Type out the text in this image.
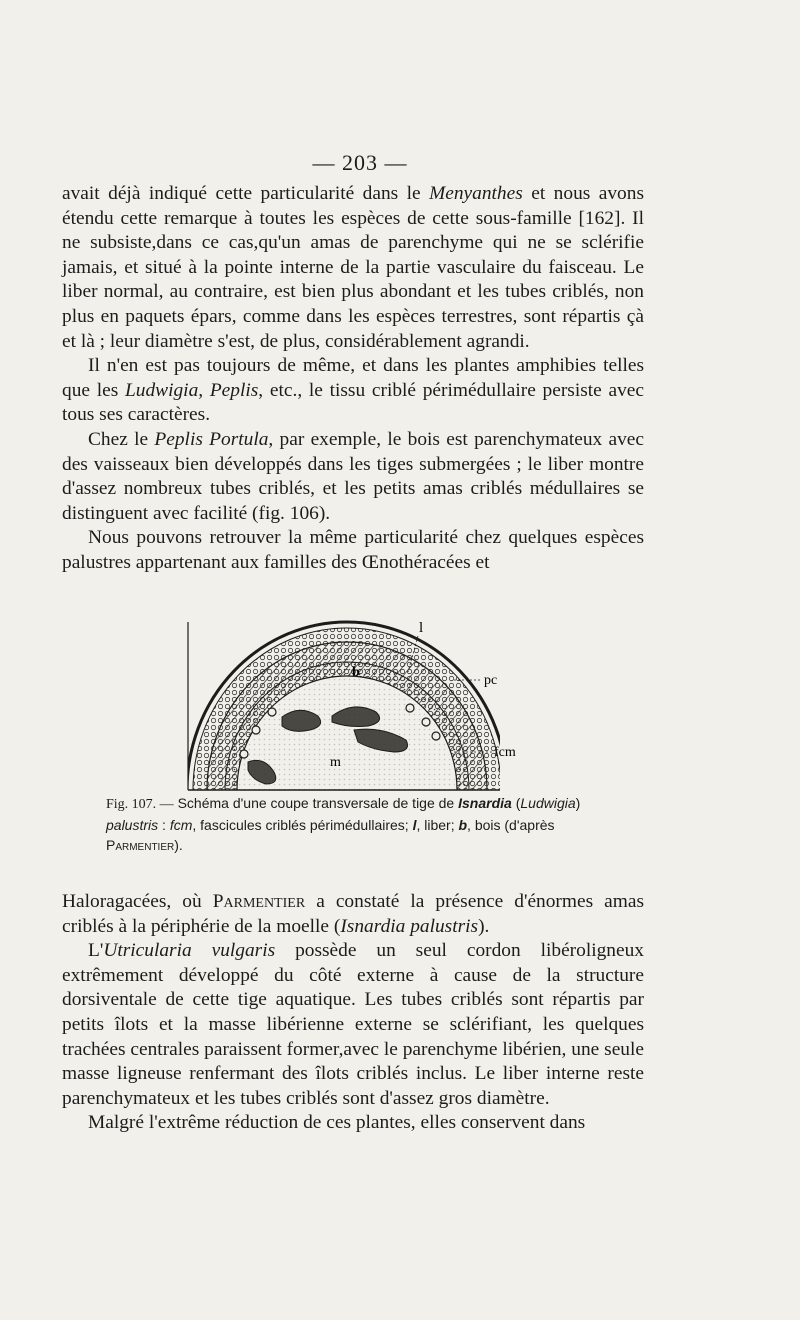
— 203 —

avait déjà indiqué cette particularité dans le Menyanthes et nous avons étendu cette remarque à toutes les espèces de cette sous-famille [162]. Il ne subsiste,dans ce cas,qu'un amas de parenchyme qui ne se sclérifie jamais, et situé à la pointe interne de la partie vasculaire du faisceau. Le liber normal, au contraire, est bien plus abondant et les tubes criblés, non plus en paquets épars, comme dans les espèces terrestres, sont répartis çà et là ; leur diamètre s'est, de plus, considérablement agrandi.

Il n'en est pas toujours de même, et dans les plantes amphibies telles que les Ludwigia, Peplis, etc., le tissu criblé périmédullaire persiste avec tous ses caractères.

Chez le Peplis Portula, par exemple, le bois est parenchymateux avec des vaisseaux bien développés dans les tiges submergées ; le liber montre d'assez nombreux tubes criblés, et les petits amas criblés médullaires se distinguent avec facilité (fig. 106).

Nous pouvons retrouver la même particularité chez quelques espèces palustres appartenant aux familles des Œnothéracées et

l
pc
b
m
fcm
Fig. 107. — Schéma d'une coupe transversale de tige de Isnardia (Ludwigia)
palustris : fcm, fascicules criblés périmédullaires; l, liber; b, bois (d'après
Parmentier).

Haloragacées, où Parmentier a constaté la présence d'énormes amas criblés à la périphérie de la moelle (Isnardia palustris).

L'Utricularia vulgaris possède un seul cordon libéroligneux extrêmement développé du côté externe à cause de la structure dorsiventale de cette tige aquatique. Les tubes criblés sont répartis par petits îlots et la masse libérienne externe se sclérifiant, les quelques trachées centrales paraissent former,avec le parenchyme libérien, une seule masse ligneuse renfermant des îlots criblés inclus. Le liber interne reste parenchymateux et les tubes criblés sont d'assez gros diamètre.

Malgré l'extrême réduction de ces plantes, elles conservent dans
